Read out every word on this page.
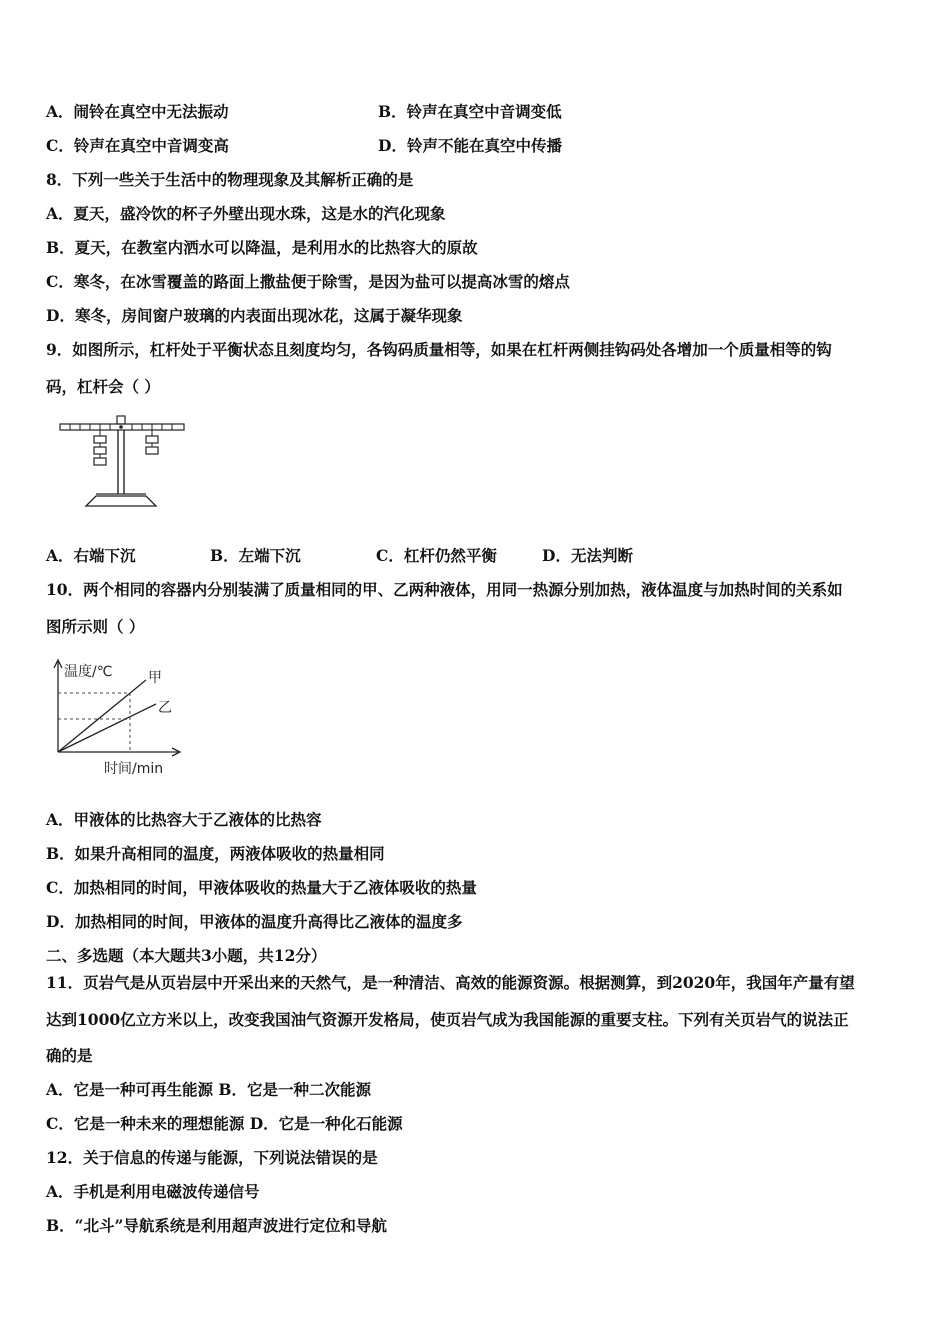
A．闹铃在真空中无法振动	B．铃声在真空中音调变低
C．铃声在真空中音调变高	D．铃声不能在真空中传播
8．下列一些关于生活中的物理现象及其解析正确的是
A．夏天，盛冷饮的杯子外壁出现水珠，这是水的汽化现象
B．夏天，在教室内洒水可以降温，是利用水的比热容大的原故
C．寒冬，在冰雪覆盖的路面上撒盐便于除雪，是因为盐可以提高冰雪的熔点
D．寒冬，房间窗户玻璃的内表面出现冰花，这属于凝华现象
9．如图所示，杠杆处于平衡状态且刻度均匀，各钩码质量相等，如果在杠杆两侧挂钩码处各增加一个质量相等的钩
码，杠杆会（ ）
A．右端下沉	B．左端下沉	C．杠杆仍然平衡	D．无法判断
10．两个相同的容器内分别装满了质量相同的甲、乙两种液体，用同一热源分别加热，液体温度与加热时间的关系如
图所示则（ ）
温度/℃	甲
乙
时间/min
A．甲液体的比热容大于乙液体的比热容
B．如果升高相同的温度，两液体吸收的热量相同
C．加热相同的时间，甲液体吸收的热量大于乙液体吸收的热量
D．加热相同的时间，甲液体的温度升高得比乙液体的温度多
二、多选题（本大题共3小题，共12分）
11．页岩气是从页岩层中开采出来的天然气，是一种清洁、高效的能源资源。根据测算，到2020年，我国年产量有望
达到1000亿立方米以上，改变我国油气资源开发格局，使页岩气成为我国能源的重要支柱。下列有关页岩气的说法正
确的是
A．它是一种可再生能源 B．它是一种二次能源
C．它是一种未来的理想能源 D．它是一种化石能源
12．关于信息的传递与能源，下列说法错误的是
A．手机是利用电磁波传递信号
B．“北斗”导航系统是利用超声波进行定位和导航
